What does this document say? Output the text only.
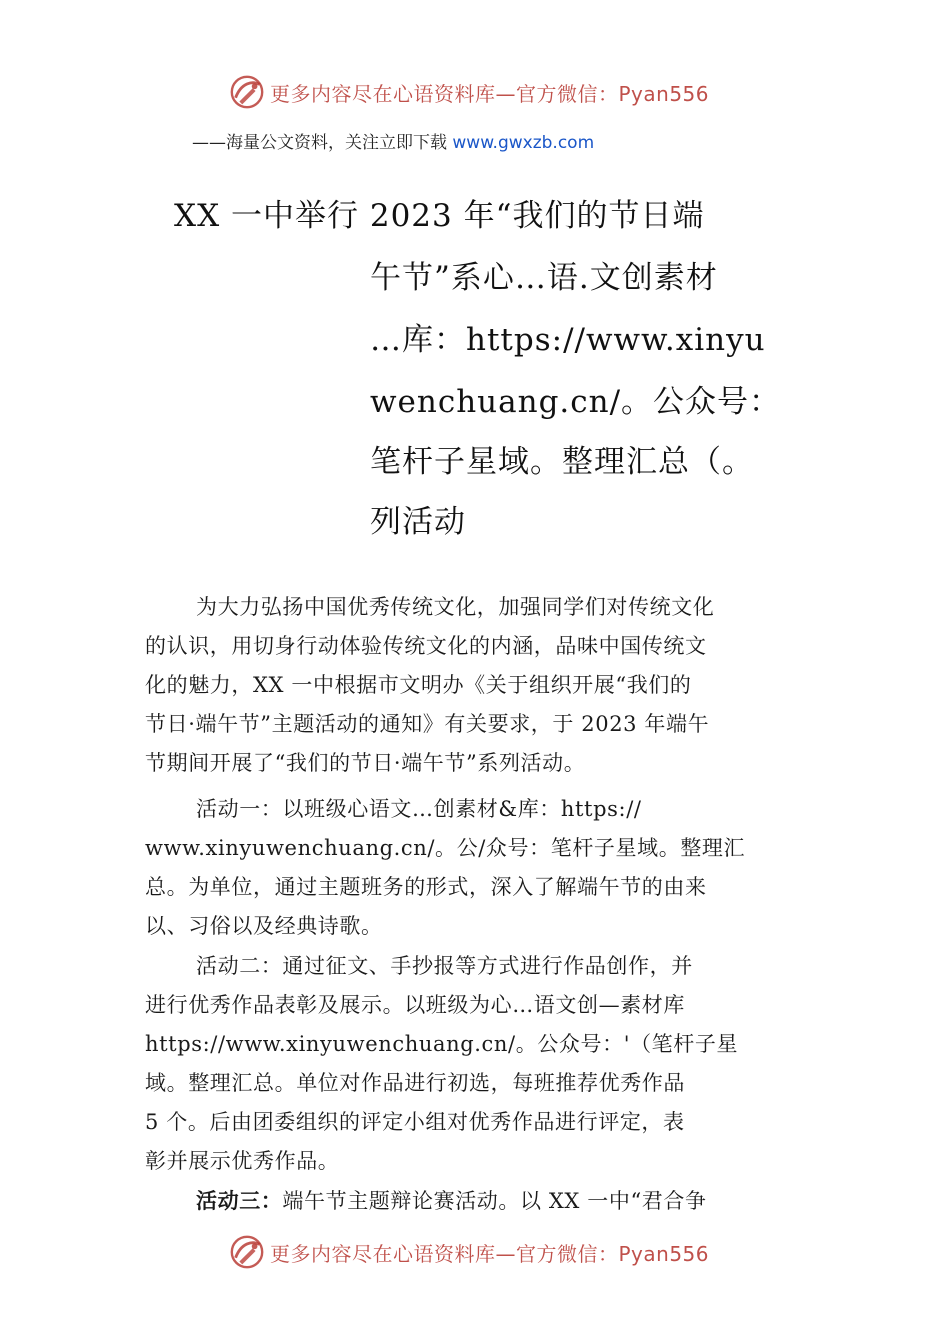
更多内容尽在心语资料库—官方微信：Pyan556
——海量公文资料，关注立即下载 www.gwxzb.com
XX 一中举行 2023 年“我们的节日端
午节”系心…语.文创素材
…库：https://www.xinyu
wenchuang.cn/。公众号：
笔杆子星域。整理汇总（。
列活动
为大力弘扬中国优秀传统文化，加强同学们对传统文化
的认识，用切身行动体验传统文化的内涵，品味中国传统文
化的魅力，XX 一中根据市文明办《关于组织开展“我们的
节日·端午节”主题活动的通知》有关要求，于 2023 年端午
节期间开展了“我们的节日·端午节”系列活动。
活动一：以班级心语文…创素材&库：https://
www.xinyuwenchuang.cn/。公/众号：笔杆子星域。整理汇
总。为单位，通过主题班务的形式，深入了解端午节的由来
以、习俗以及经典诗歌。
活动二：通过征文、手抄报等方式进行作品创作，并
进行优秀作品表彰及展示。以班级为心…语文创—素材库
https://www.xinyuwenchuang.cn/。公众号：'（笔杆子星
域。整理汇总。单位对作品进行初选，每班推荐优秀作品
5 个。后由团委组织的评定小组对优秀作品进行评定，表
彰并展示优秀作品。
活动三：端午节主题辩论赛活动。以 XX 一中“君合争
更多内容尽在心语资料库—官方微信：Pyan556
